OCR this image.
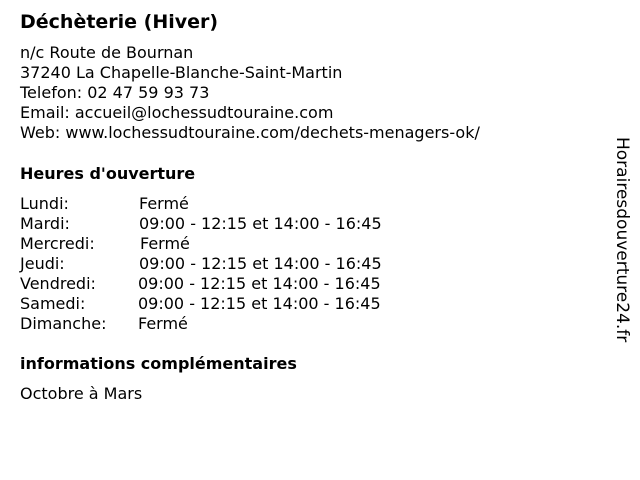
Déchèterie (Hiver)
n/c Route de Bournan
37240 La Chapelle-Blanche-Saint-Martin
Telefon: 02 47 59 93 73
Email: accueil@lochessudtouraine.com
Web: www.lochessudtouraine.com/dechets-menagers-ok/
Heures d'ouverture
Lundi:	Fermé
Mardi:	09:00 - 12:15 et 14:00 - 16:45
Mercredi:	Fermé
Jeudi:	09:00 - 12:15 et 14:00 - 16:45
Vendredi:	09:00 - 12:15 et 14:00 - 16:45
Samedi:	09:00 - 12:15 et 14:00 - 16:45
Dimanche: Fermé
informations complémentaires
Octobre à Mars
Horairesdouverture24.fr
